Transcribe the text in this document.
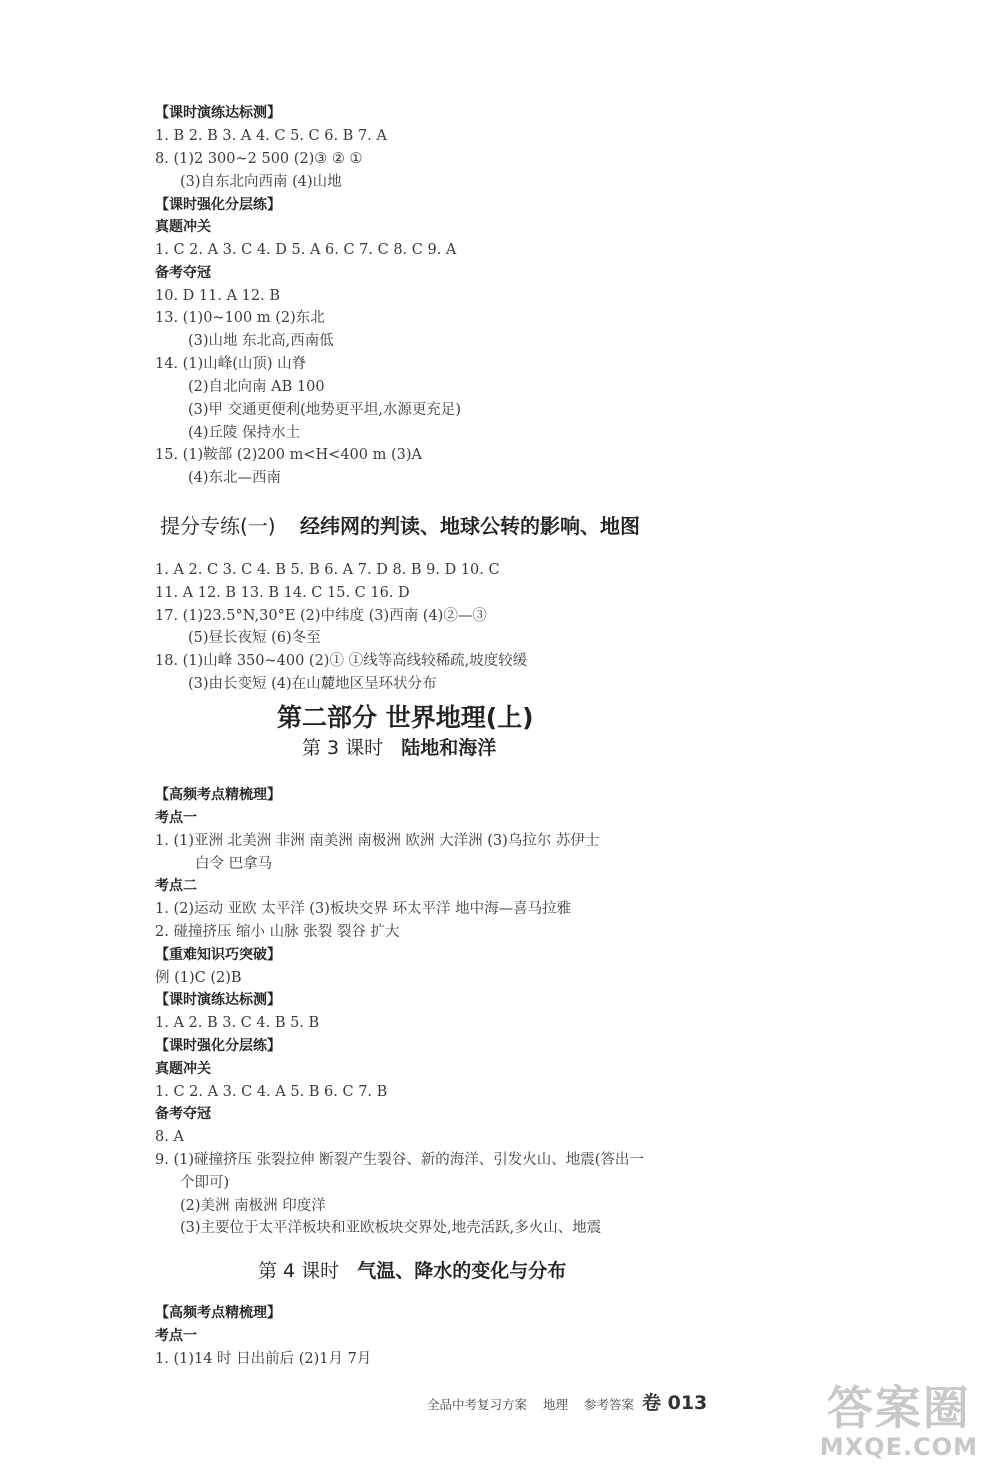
【课时演练达标测】
1. B 2. B 3. A 4. C 5. C 6. B 7. A
8. (1)2 300~2 500 (2)③ ② ①
(3)自东北向西南 (4)山地
【课时强化分层练】
真题冲关
1. C 2. A 3. C 4. D 5. A 6. C 7. C 8. C 9. A
备考夺冠
10. D 11. A 12. B
13. (1)0~100 m (2)东北
(3)山地 东北高,西南低
14. (1)山峰(山顶) 山脊
(2)自北向南 AB 100
(3)甲 交通更便利(地势更平坦,水源更充足)
(4)丘陵 保持水土
15. (1)鞍部 (2)200 m<H<400 m (3)A
(4)东北—西南
提分专练(一) 经纬网的判读、地球公转的影响、地图
1. A 2. C 3. C 4. B 5. B 6. A 7. D 8. B 9. D 10. C
11. A 12. B 13. B 14. C 15. C 16. D
17. (1)23.5°N,30°E (2)中纬度 (3)西南 (4)②—③
(5)昼长夜短 (6)冬至
18. (1)山峰 350~400 (2)① ①线等高线较稀疏,坡度较缓
(3)由长变短 (4)在山麓地区呈环状分布
第二部分 世界地理(上)
第 3 课时 陆地和海洋
【高频考点精梳理】
考点一
1. (1)亚洲 北美洲 非洲 南美洲 南极洲 欧洲 大洋洲 (3)乌拉尔 苏伊士
白令 巴拿马
考点二
1. (2)运动 亚欧 太平洋 (3)板块交界 环太平洋 地中海—喜马拉雅
2. 碰撞挤压 缩小 山脉 张裂 裂谷 扩大
【重难知识巧突破】
例 (1)C (2)B
【课时演练达标测】
1. A 2. B 3. C 4. B 5. B
【课时强化分层练】
真题冲关
1. C 2. A 3. C 4. A 5. B 6. C 7. B
备考夺冠
8. A
9. (1)碰撞挤压 张裂拉伸 断裂产生裂谷、新的海洋、引发火山、地震(答出一
个即可)
(2)美洲 南极洲 印度洋
(3)主要位于太平洋板块和亚欧板块交界处,地壳活跃,多火山、地震
第 4 课时 气温、降水的变化与分布
【高频考点精梳理】
考点一
1. (1)14 时 日出前后 (2)1月 7月
全品中考复习方案 地理 参考答案 卷 013	答案圈
MXQE.COM
